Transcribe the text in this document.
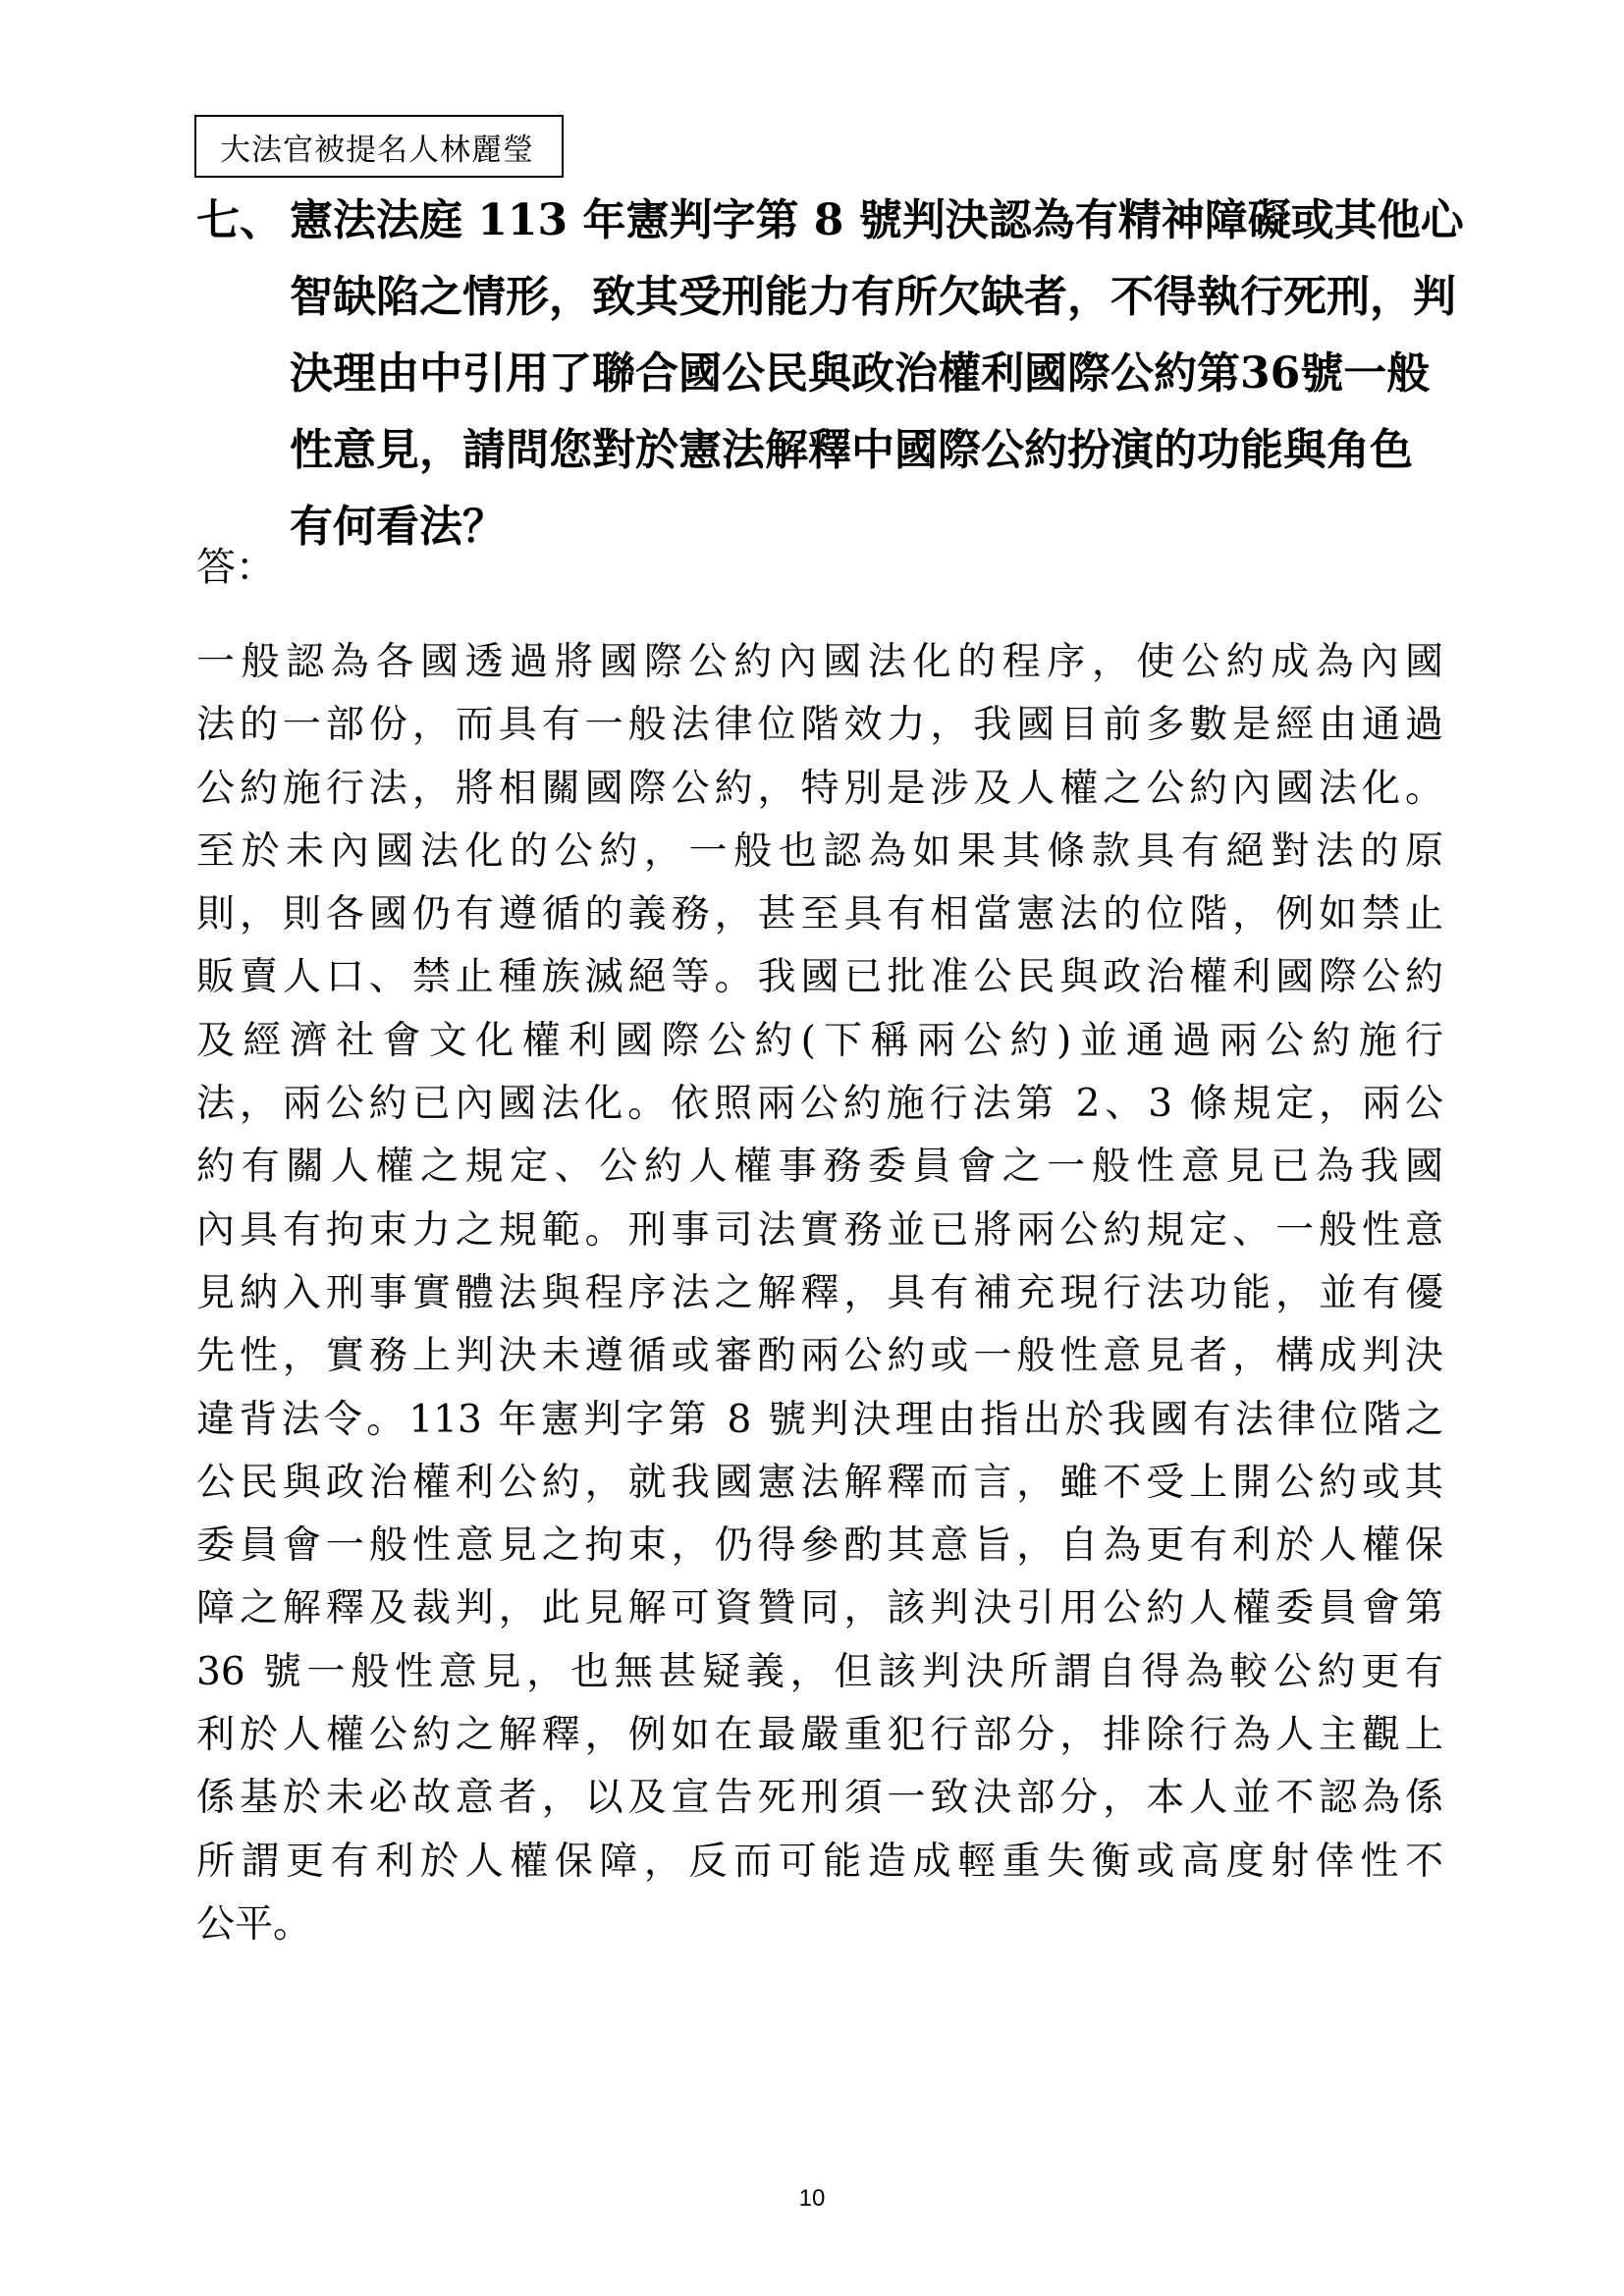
大法官被提名人林麗瑩
七、 憲法法庭 113 年憲判字第 8 號判決認為有精神障礙或其他心
智缺陷之情形，致其受刑能力有所欠缺者，不得執行死刑，判
決理由中引用了聯合國公民與政治權利國際公約第36號一般
性意見，請問您對於憲法解釋中國際公約扮演的功能與角色
有何看法？
答：
一般認為各國透過將國際公約內國法化的程序，使公約成為內國
法的一部份，而具有一般法律位階效力，我國目前多數是經由通過
公約施行法，將相關國際公約，特別是涉及人權之公約內國法化。
至於未內國法化的公約，一般也認為如果其條款具有絕對法的原
則，則各國仍有遵循的義務，甚至具有相當憲法的位階，例如禁止
販賣人口、禁止種族滅絕等。我國已批准公民與政治權利國際公約
及經濟社會文化權利國際公約(下稱兩公約)並通過兩公約施行
法，兩公約已內國法化。依照兩公約施行法第 2、3 條規定，兩公
約有關人權之規定、公約人權事務委員會之一般性意見已為我國
內具有拘束力之規範。刑事司法實務並已將兩公約規定、一般性意
見納入刑事實體法與程序法之解釋，具有補充現行法功能，並有優
先性，實務上判決未遵循或審酌兩公約或一般性意見者，構成判決
違背法令。113 年憲判字第 8 號判決理由指出於我國有法律位階之
公民與政治權利公約，就我國憲法解釋而言，雖不受上開公約或其
委員會一般性意見之拘束，仍得參酌其意旨，自為更有利於人權保
障之解釋及裁判，此見解可資贊同，該判決引用公約人權委員會第
36 號一般性意見，也無甚疑義，但該判決所謂自得為較公約更有
利於人權公約之解釋，例如在最嚴重犯行部分，排除行為人主觀上
係基於未必故意者，以及宣告死刑須一致決部分，本人並不認為係
所謂更有利於人權保障，反而可能造成輕重失衡或高度射倖性不
公平。
10
